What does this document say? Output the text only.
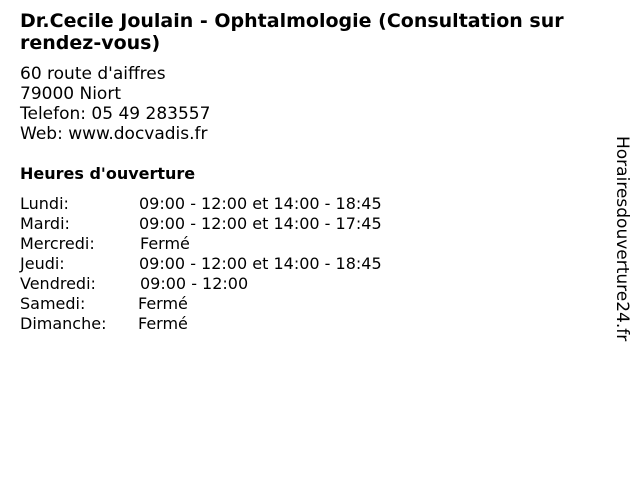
Dr.Cecile Joulain - Ophtalmologie (Consultation sur rendez-vous)
60 route d'aiffres
79000 Niort
Telefon: 05 49 283557
Web: www.docvadis.fr
Heures d'ouverture
Lundi:	09:00 - 12:00 et 14:00 - 18:45
Mardi:	09:00 - 12:00 et 14:00 - 17:45
Mercredi:	Fermé
Jeudi:	09:00 - 12:00 et 14:00 - 18:45
Vendredi:	09:00 - 12:00
Samedi:	Fermé
Dimanche: Fermé	Horairesdouverture24.fr
